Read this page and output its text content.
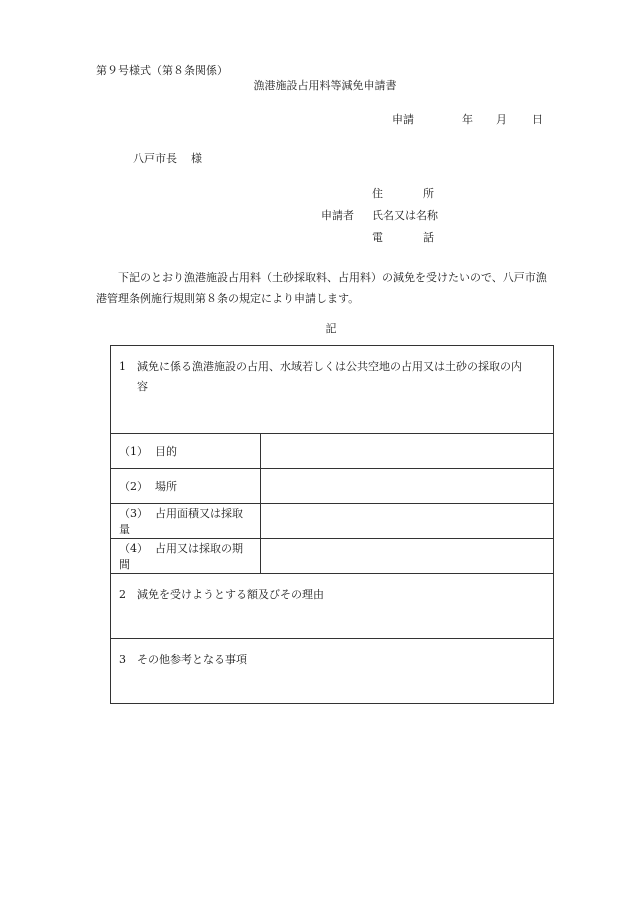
第９号様式（第８条関係）
漁港施設占用料等減免申請書
申請	年 月 日
八戸市長 様
住	所
申請者 氏名又は名称
電	話
下記のとおり漁港施設占用料（土砂採取料、占用料）の減免を受けたいので、八戸市漁港管理条例施行規則第８条の規定により申請します。
記
1 減免に係る漁港施設の占用、水域若しくは公共空地の占用又は土砂の採取の内
容	

（1） 目的	
（2） 場所	
（3） 占用面積又は採取量	
（4） 占用又は採取の期間	
2 減免を受けようとする額及びその理由	
3 その他参考となる事項	
